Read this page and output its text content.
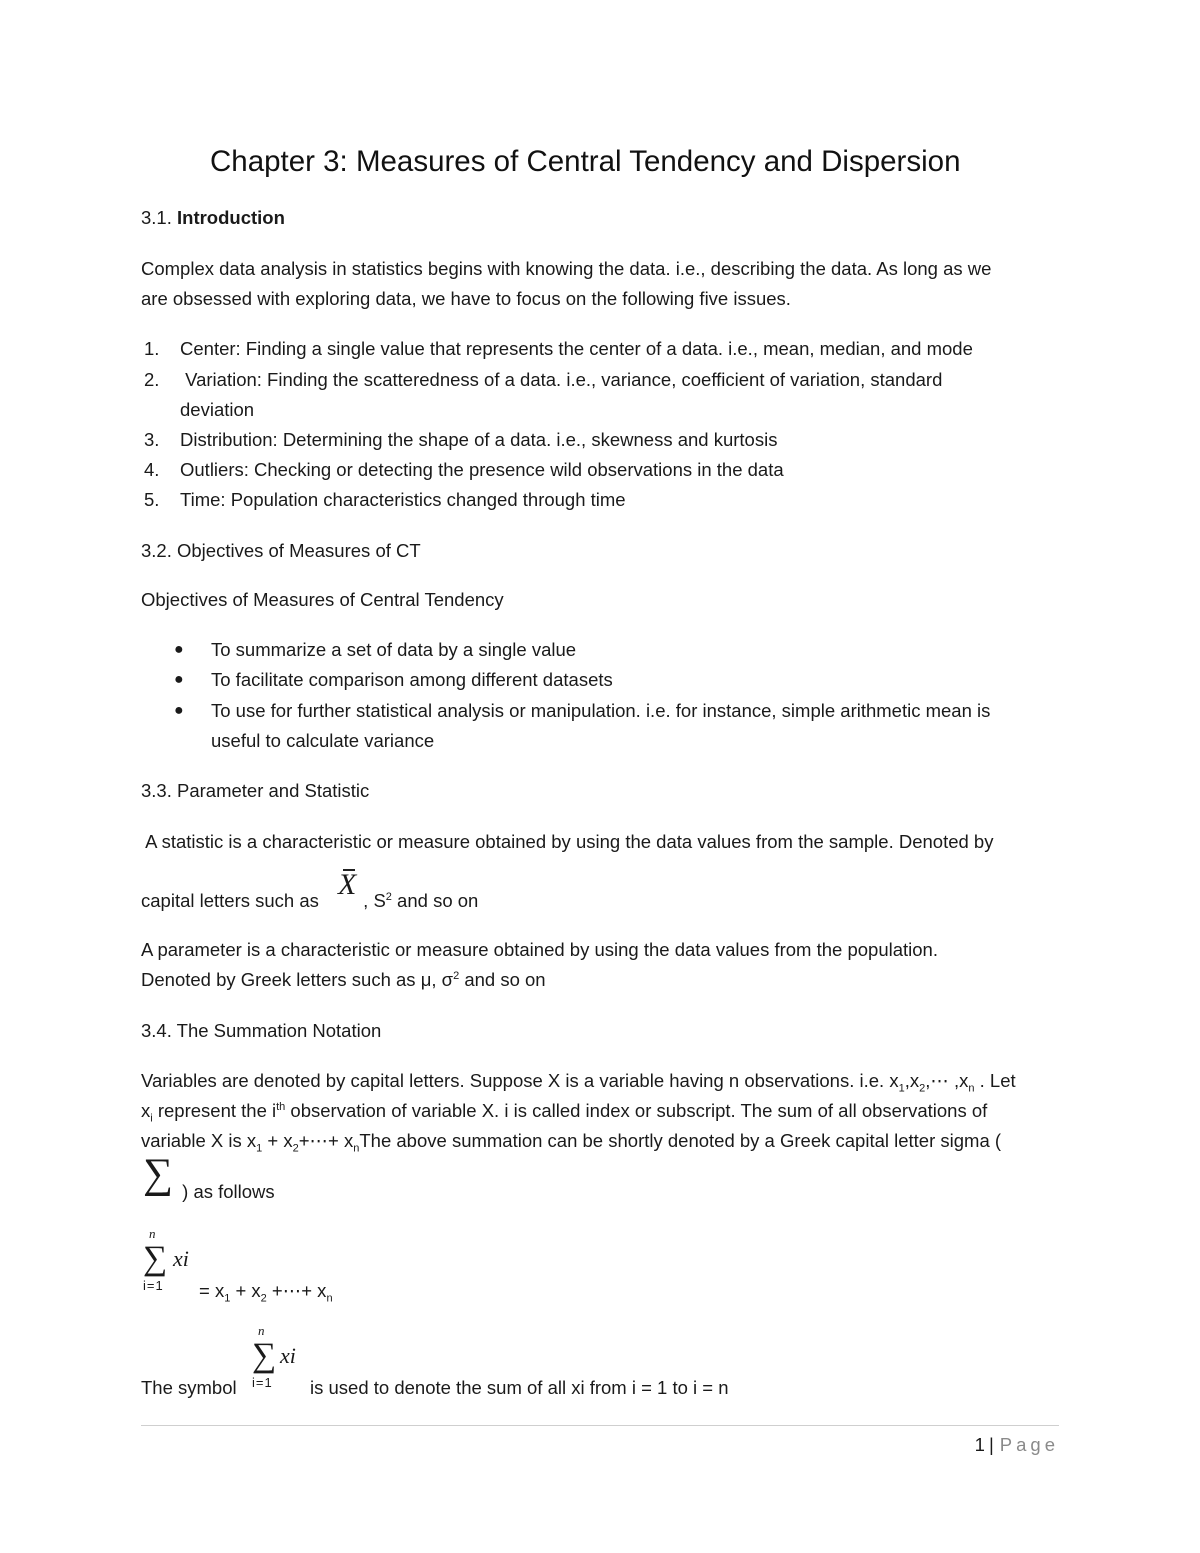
Chapter 3: Measures of Central Tendency and Dispersion
3.1. Introduction
Complex data analysis in statistics begins with knowing the data. i.e., describing the data. As long as we
are obsessed with exploring data, we have to focus on the following five issues.
1.	Center: Finding a single value that represents the center of a data. i.e., mean, median, and mode
2. Variation: Finding the scatteredness of a data. i.e., variance, coefficient of variation, standard
deviation
3. Distribution: Determining the shape of a data. i.e., skewness and kurtosis
4. Outliers: Checking or detecting the presence wild observations in the data
5. Time: Population characteristics changed through time
3.2. Objectives of Measures of CT
Objectives of Measures of Central Tendency
● To summarize a set of data by a single value
● To facilitate comparison among different datasets
● To use for further statistical analysis or manipulation. i.e. for instance, simple arithmetic mean is
useful to calculate variance
3.3. Parameter and Statistic
A statistic is a characteristic or measure obtained by using the data values from the sample. Denoted by
capital letters such as  , $S^2$ and so on
X
A parameter is a characteristic or measure obtained by using the data values from the population.
Denoted by Greek letters such as μ, $\sigma^2$ and so on
3.4. The Summation Notation
Variables are denoted by capital letters. Suppose X is a variable having n observations. i.e. $x_1,x_2,\cdots$ $,x_n$ . Let
$x_i$ represent the $i^{th}$ observation of variable X. i is called index or subscript. The sum of all observations of
variable X is $x_1$ + $x_2+\cdots+ x_nThe$ above summation can be shortly denoted by a Greek capital letter sigma (
∑ ) as follows
n
∑ xi
$i=1 = x_1 + x_2$ +⋯+ $x_n$
The symbol
n
∑ xi
i=1 is used to denote the sum of all xi from i = 1 to i = n
1 | Page
